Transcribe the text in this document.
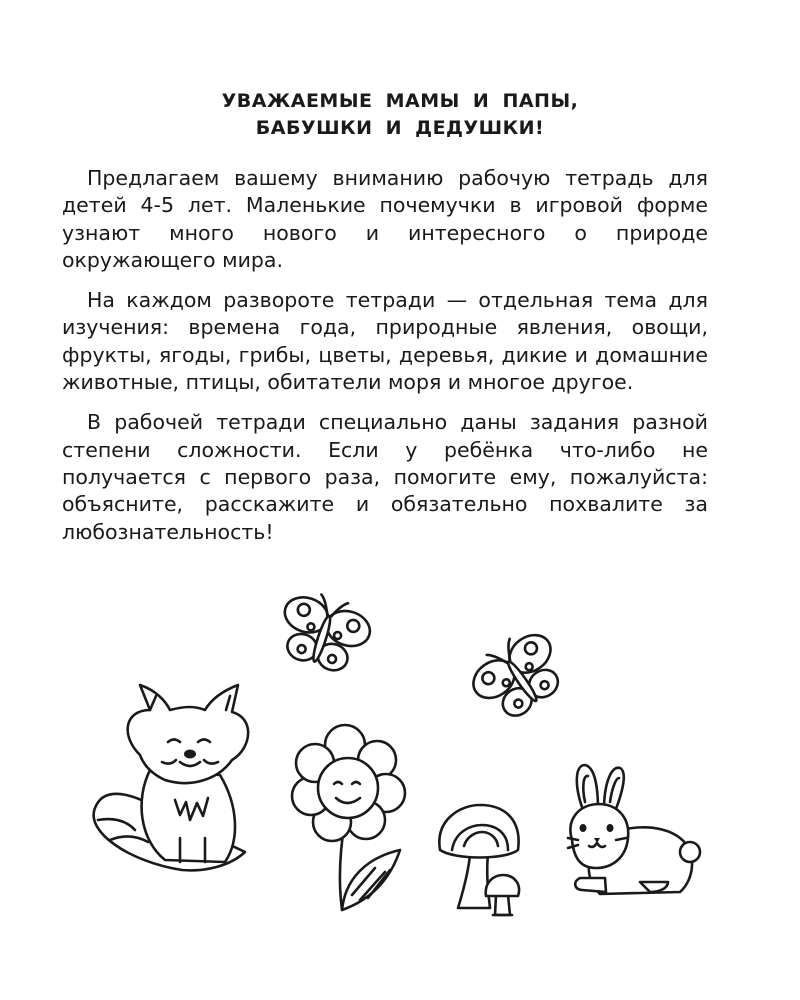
УВАЖАЕМЫЕ МАМЫ И ПАПЫ,
БАБУШКИ И ДЕДУШКИ!

Предлагаем вашему вниманию рабочую тетрадь для детей 4-5 лет. Маленькие почемучки в игровой форме узнают много нового и интересного о природе окружающего мира.

На каждом развороте тетради — отдельная тема для изучения: времена года, природные явления, овощи, фрукты, ягоды, грибы, цветы, деревья, дикие и домашние животные, птицы, обитатели моря и многое другое.

В рабочей тетради специально даны задания разной степени сложности. Если у ребёнка что-либо не получается с первого раза, помогите ему, пожалуйста: объясните, расскажите и обязательно похвалите за любознательность!
